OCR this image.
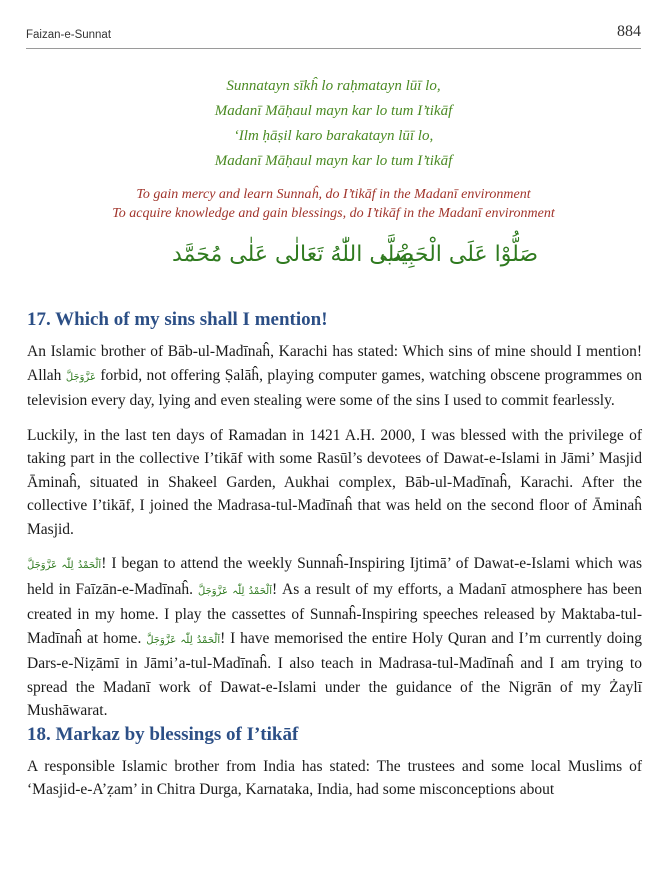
Faizan-e-Sunnat	884
Sunnatayn sīkĥ lo raḥmatayn lūī lo,
Madanī Māḥaul mayn kar lo tum I’tikāf
‘Ilm ḥāṣil karo barakatayn lūī lo,
Madanī Māḥaul mayn kar lo tum I’tikāf
To gain mercy and learn Sunnaĥ, do I’tikāf in the Madanī environment
To acquire knowledge and gain blessings, do I’tikāf in the Madanī environment
صَلُّوْا عَلَی الْحَبِیْب
صَلَّی اللّٰهُ تَعَالٰی عَلٰی مُحَمَّد
17. Which of my sins shall I mention!

An Islamic brother of Bāb-ul-Madīnaĥ, Karachi has stated: Which sins of mine should I mention! Allah عَزَّوَجَلَّ forbid, not offering Ṣalāĥ, playing computer games, watching obscene programmes on television every day, lying and even stealing were some of the sins I used to commit fearlessly.

Luckily, in the last ten days of Ramadan in 1421 A.H. 2000, I was blessed with the privilege of taking part in the collective I’tikāf with some Rasūl’s devotees of Dawat-e-Islami in Jāmi’ Masjid Āminaĥ, situated in Shakeel Garden, Aukhai complex, Bāb-ul-Madīnaĥ, Karachi. After the collective I’tikāf, I joined the Madrasa-tul-Madīnaĥ that was held on the second floor of Āminaĥ Masjid.

اَلْحَمْدُ لِلّٰہ عَزَّوَجَلَّ! I began to attend the weekly Sunnaĥ-Inspiring Ijtimā’ of Dawat-e-Islami which was held in Faīzān-e-Madīnaĥ. اَلْحَمْدُ لِلّٰہ عَزَّوَجَلَّ! As a result of my efforts, a Madanī atmosphere has been created in my home. I play the cassettes of Sunnaĥ-Inspiring speeches released by Maktaba-tul-Madīnaĥ at home. اَلْحَمْدُ لِلّٰہ عَزَّوَجَلَّ! I have memorised the entire Holy Quran and I’m currently doing Dars-e-Niẓāmī in Jāmi’a-tul-Madīnaĥ. I also teach in Madrasa-tul-Madīnaĥ and I am trying to spread the Madanī work of Dawat-e-Islami under the guidance of the Nigrān of my Żaylī Mushāwarat.

18. Markaz by blessings of I’tikāf

A responsible Islamic brother from India has stated: The trustees and some local Muslims of ‘Masjid-e-A’ẓam’ in Chitra Durga, Karnataka, India, had some misconceptions about
